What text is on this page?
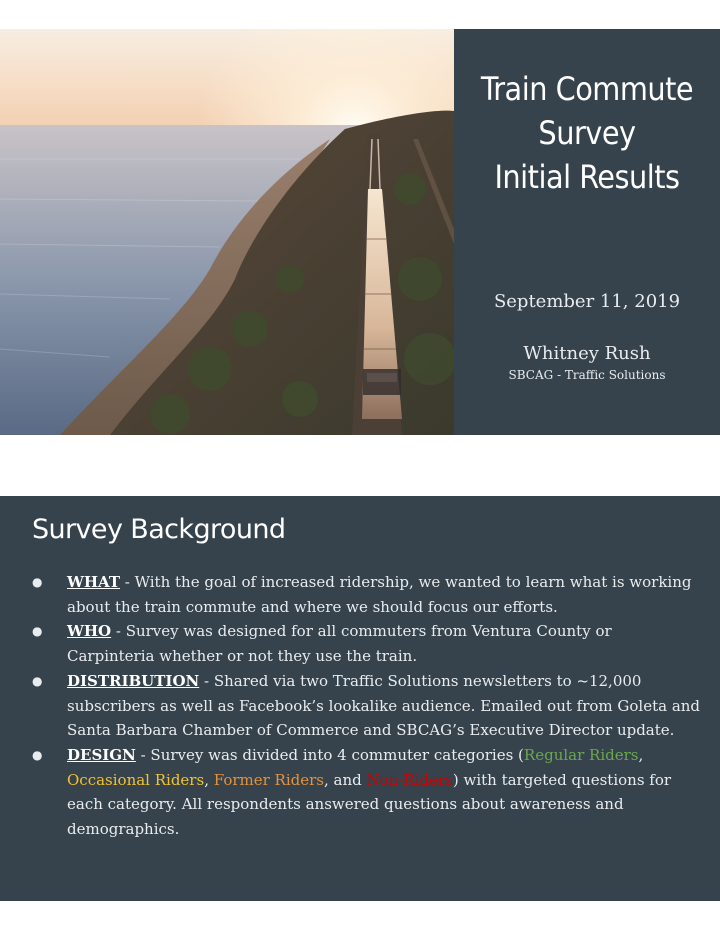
Train Commute
Survey
Initial Results
September 11, 2019
Whitney Rush
SBCAG - Traffic Solutions
Survey Background
● WHAT - With the goal of increased ridership, we wanted to learn what is working about the train commute and where we should focus our efforts.
● WHO - Survey was designed for all commuters from Ventura County or Carpinteria whether or not they use the train.
● DISTRIBUTION - Shared via two Traffic Solutions newsletters to ~12,000 subscribers as well as Facebook’s lookalike audience. Emailed out from Goleta and Santa Barbara Chamber of Commerce and SBCAG’s Executive Director update.
● DESIGN - Survey was divided into 4 commuter categories (Regular Riders, Occasional Riders, Former Riders, and Non-Riders) with targeted questions for each category. All respondents answered questions about awareness and demographics.
